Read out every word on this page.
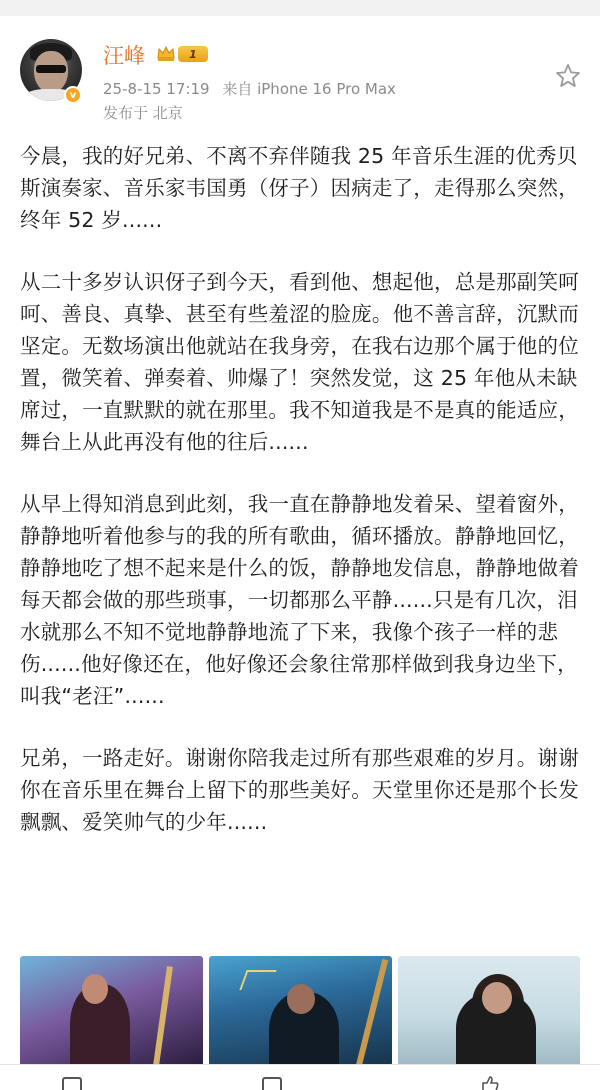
v
汪峰	1
25-8-15 17:19 来自 iPhone 16 Pro Max
发布于 北京

今晨，我的好兄弟、不离不弃伴随我 25 年音乐生涯的优秀贝斯演奏家、音乐家韦国勇（伢子）因病走了，走得那么突然，终年 52 岁......

从二十多岁认识伢子到今天，看到他、想起他，总是那副笑呵呵、善良、真挚、甚至有些羞涩的脸庞。他不善言辞，沉默而坚定。无数场演出他就站在我身旁，在我右边那个属于他的位置，微笑着、弹奏着、帅爆了！突然发觉，这 25 年他从未缺席过，一直默默的就在那里。我不知道我是不是真的能适应，舞台上从此再没有他的往后......

从早上得知消息到此刻，我一直在静静地发着呆、望着窗外，静静地听着他参与的我的所有歌曲，循环播放。静静地回忆，静静地吃了想不起来是什么的饭，静静地发信息，静静地做着每天都会做的那些琐事，一切都那么平静......只是有几次，泪水就那么不知不觉地静静地流了下来，我像个孩子一样的悲伤......他好像还在，他好像还会象往常那样做到我身边坐下，叫我“老汪”......

兄弟，一路走好。谢谢你陪我走过所有那些艰难的岁月。谢谢你在音乐里在舞台上留下的那些美好。天堂里你还是那个长发飘飘、爱笑帅气的少年......
